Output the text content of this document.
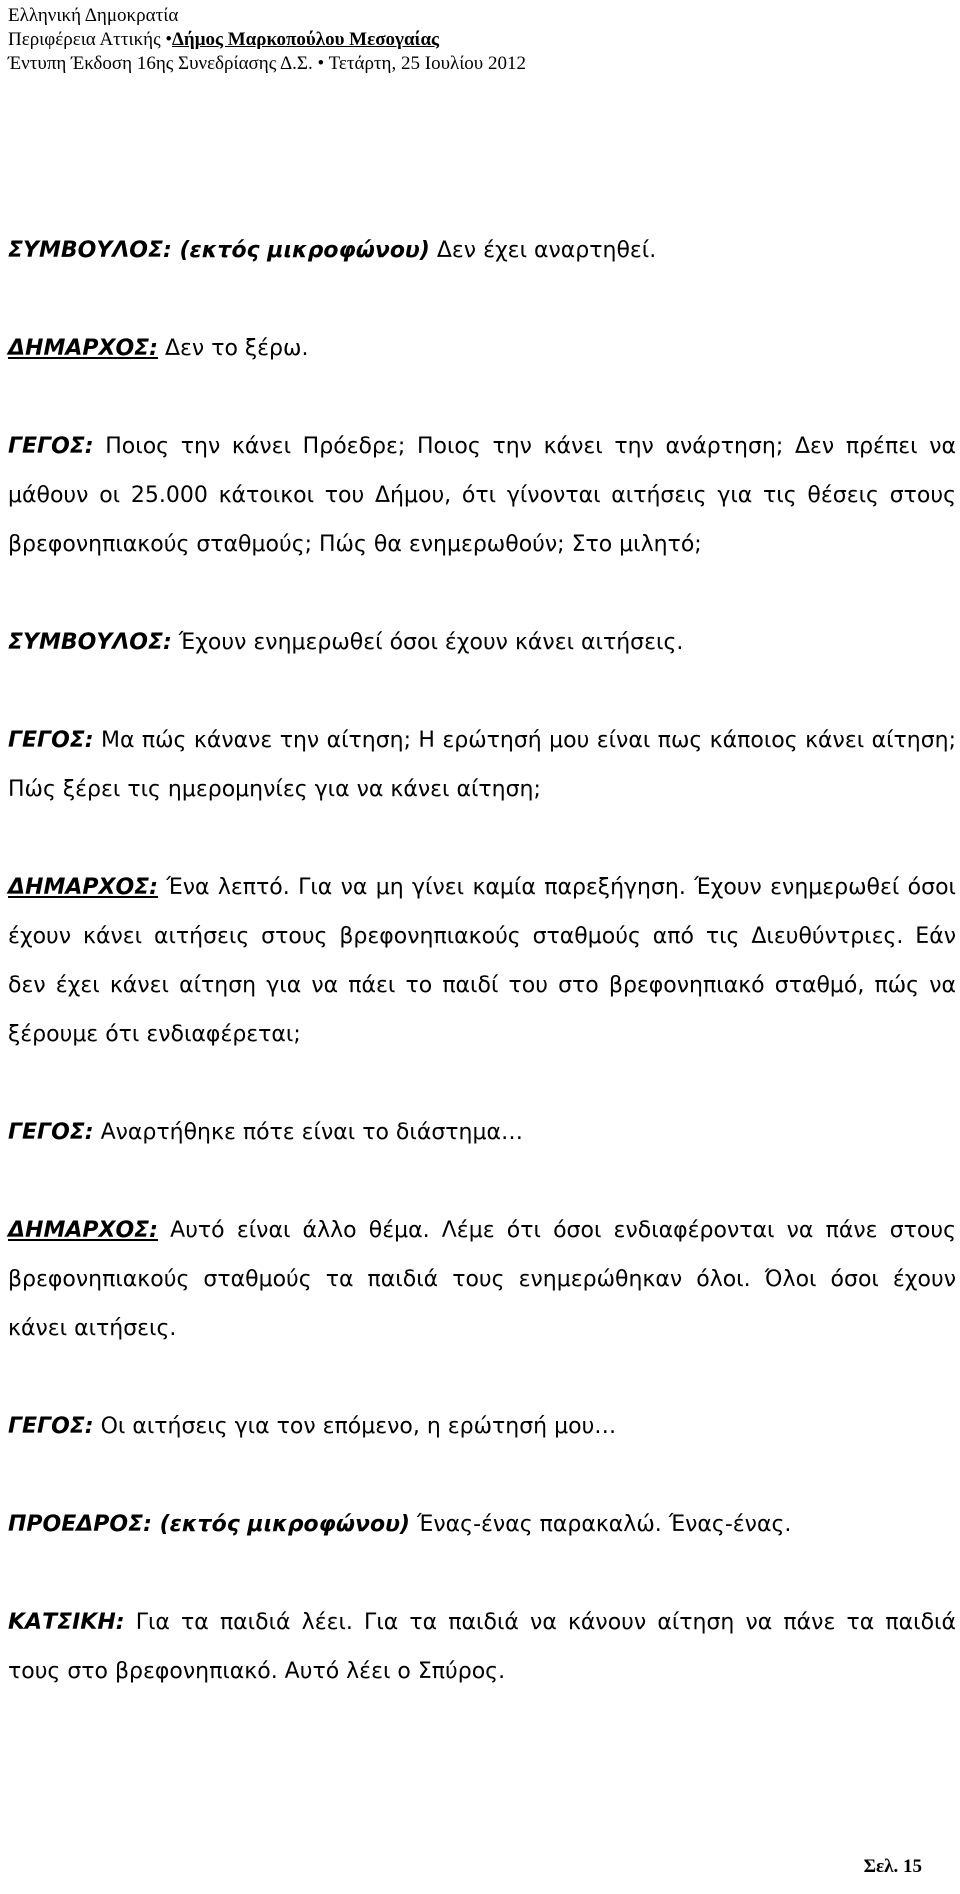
Ελληνική Δημοκρατία
Περιφέρεια Αττικής •Δήμος Μαρκοπούλου Μεσογαίας
Έντυπη Έκδοση 16ης Συνεδρίασης Δ.Σ. • Τετάρτη, 25 Ιουλίου 2012

ΣΥΜΒΟΥΛΟΣ: (εκτός μικροφώνου) Δεν έχει αναρτηθεί.

ΔΗΜΑΡΧΟΣ: Δεν το ξέρω.

ΓΕΓΟΣ: Ποιος την κάνει Πρόεδρε; Ποιος την κάνει την ανάρτηση; Δεν πρέπει να μάθουν οι 25.000 κάτοικοι του Δήμου, ότι γίνονται αιτήσεις για τις θέσεις στους βρεφονηπιακούς σταθμούς; Πώς θα ενημερωθούν; Στο μιλητό;

ΣΥΜΒΟΥΛΟΣ: Έχουν ενημερωθεί όσοι έχουν κάνει αιτήσεις.

ΓΕΓΟΣ: Μα πώς κάνανε την αίτηση; Η ερώτησή μου είναι πως κάποιος κάνει αίτηση; Πώς ξέρει τις ημερομηνίες για να κάνει αίτηση;

ΔΗΜΑΡΧΟΣ: Ένα λεπτό. Για να μη γίνει καμία παρεξήγηση. Έχουν ενημερωθεί όσοι έχουν κάνει αιτήσεις στους βρεφονηπιακούς σταθμούς από τις Διευθύντριες. Εάν δεν έχει κάνει αίτηση για να πάει το παιδί του στο βρεφονηπιακό σταθμό, πώς να ξέρουμε ότι ενδιαφέρεται;

ΓΕΓΟΣ: Αναρτήθηκε πότε είναι το διάστημα…

ΔΗΜΑΡΧΟΣ: Αυτό είναι άλλο θέμα. Λέμε ότι όσοι ενδιαφέρονται να πάνε στους βρεφονηπιακούς σταθμούς τα παιδιά τους ενημερώθηκαν όλοι. Όλοι όσοι έχουν κάνει αιτήσεις.

ΓΕΓΟΣ: Οι αιτήσεις για τον επόμενο, η ερώτησή μου…

ΠΡΟΕΔΡΟΣ: (εκτός μικροφώνου) Ένας-ένας παρακαλώ. Ένας-ένας.

ΚΑΤΣΙΚΗ: Για τα παιδιά λέει. Για τα παιδιά να κάνουν αίτηση να πάνε τα παιδιά τους στο βρεφονηπιακό. Αυτό λέει ο Σπύρος.

Σελ. 15
